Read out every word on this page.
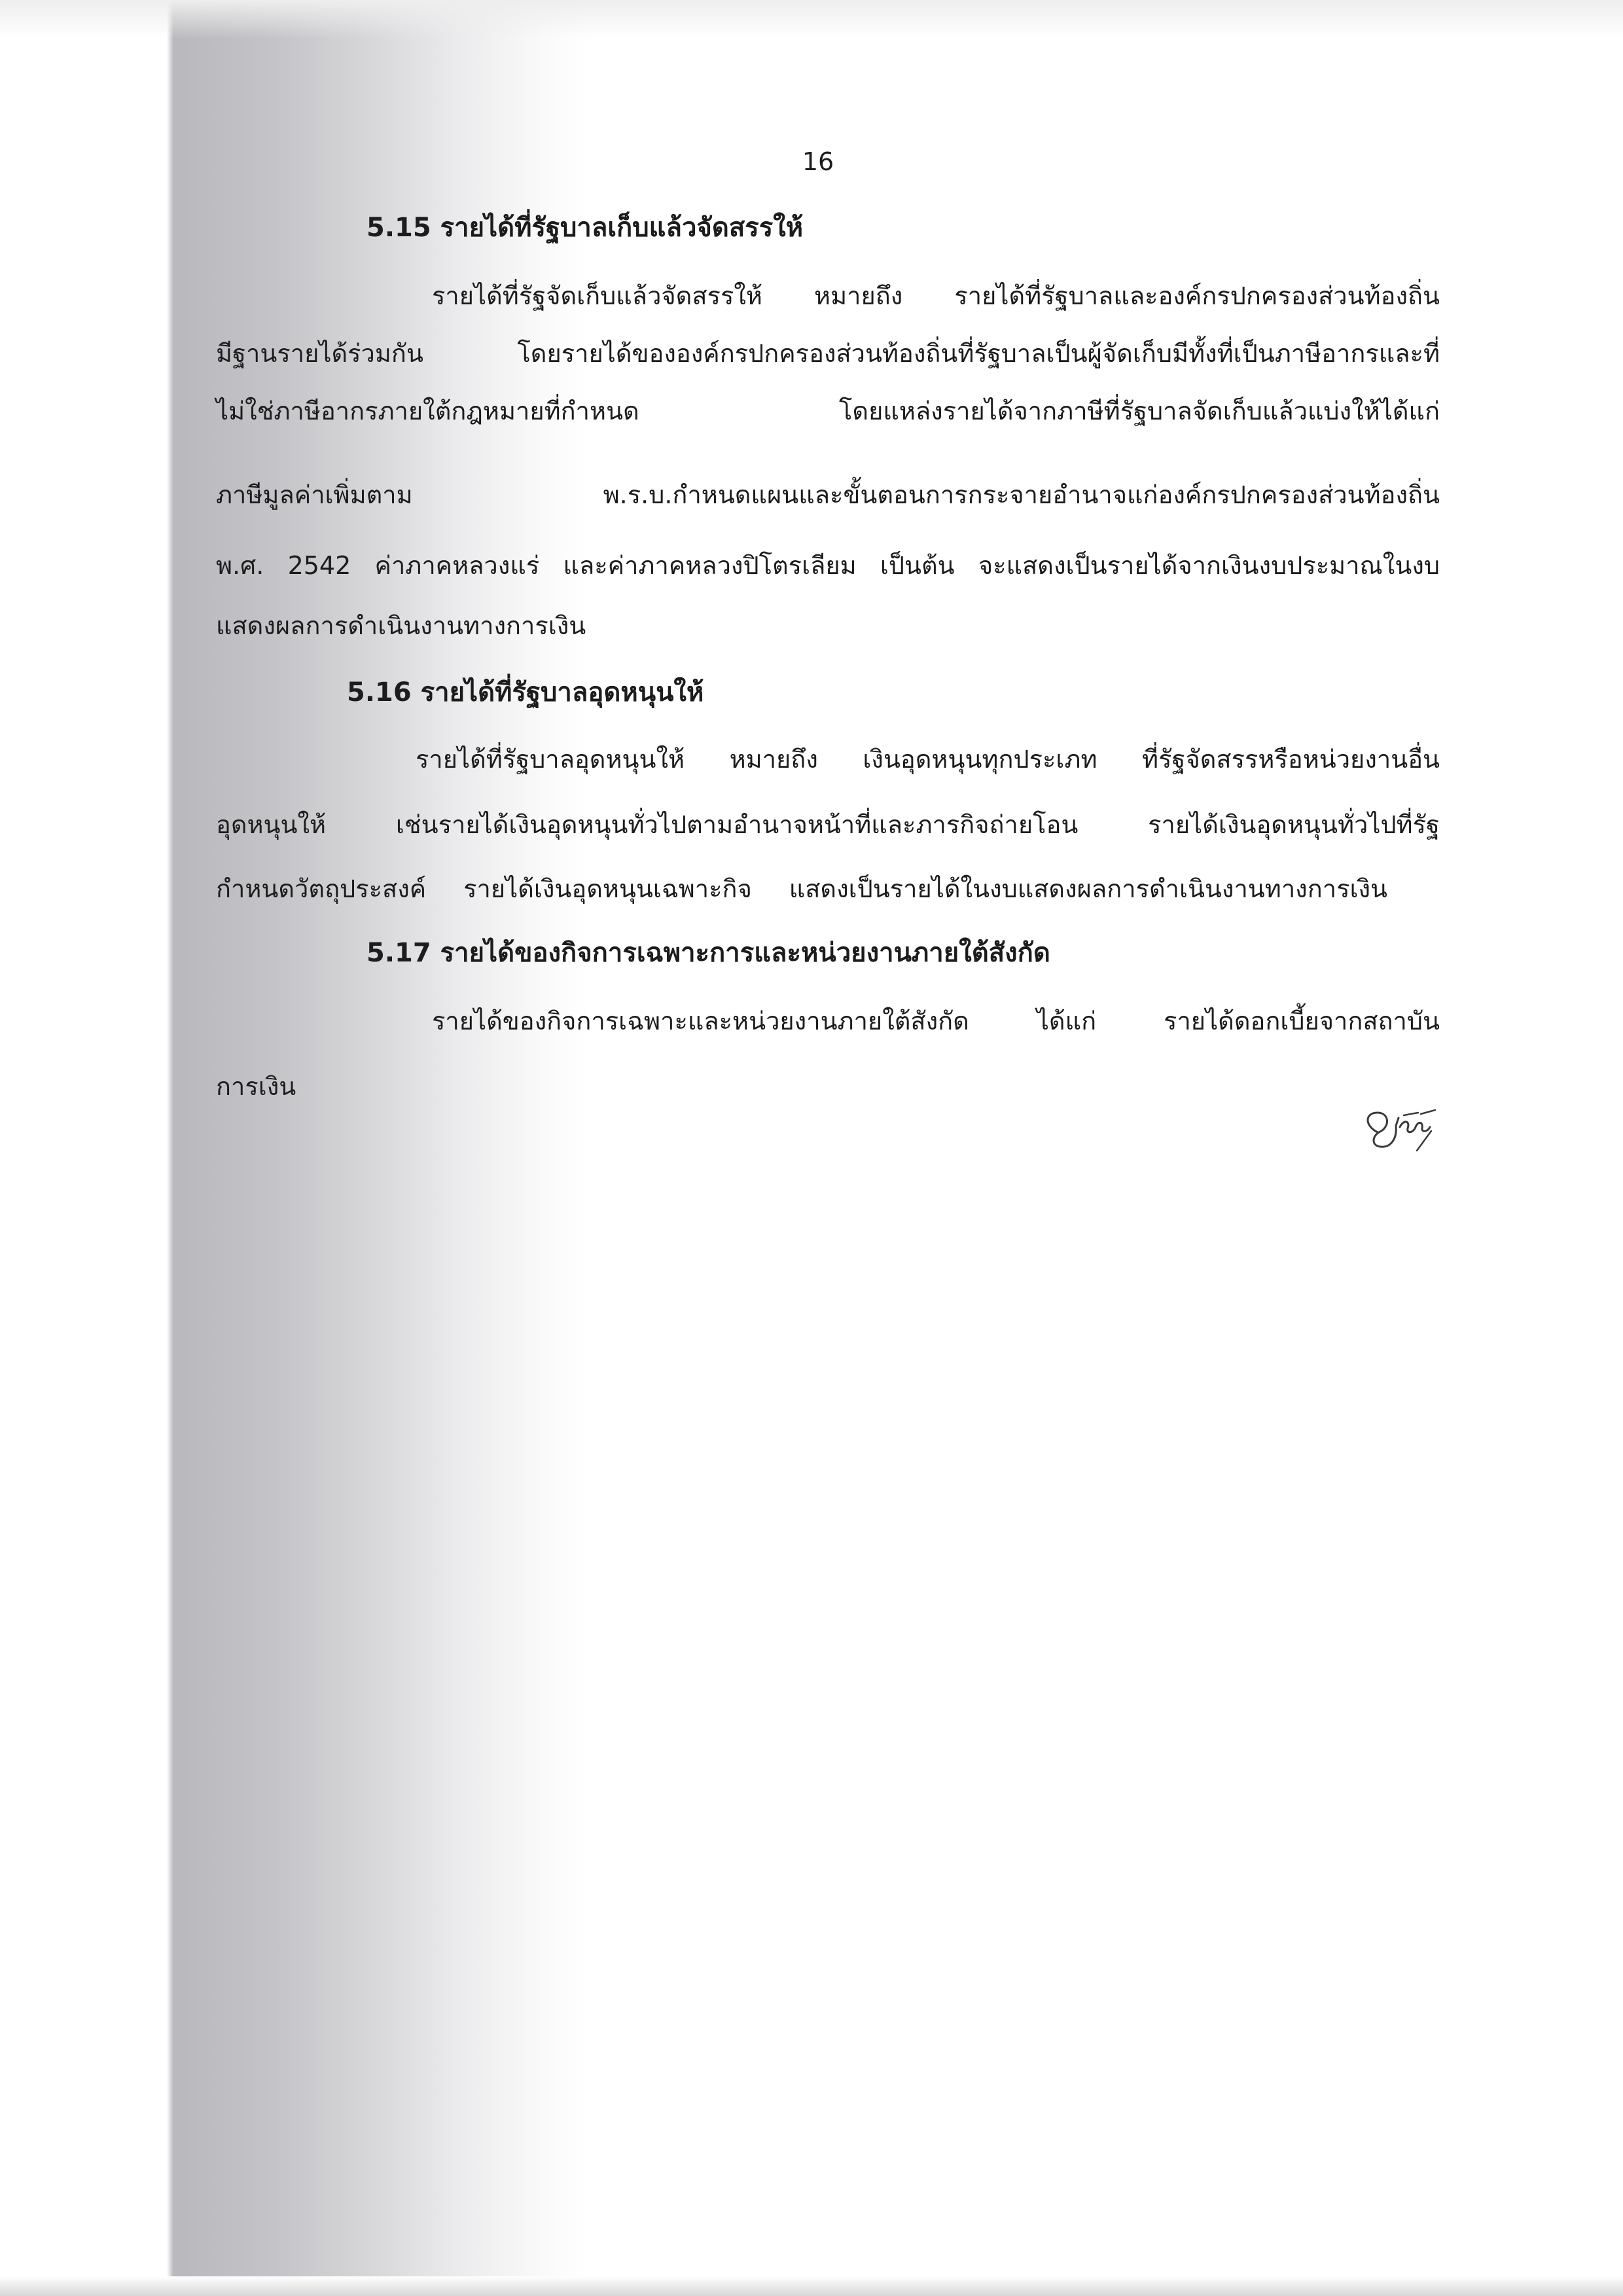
16
5.15 รายได้ที่รัฐบาลเก็บแล้วจัดสรรให้
รายได้ที่รัฐจัดเก็บแล้วจัดสรรให้ หมายถึง รายได้ที่รัฐบาลและองค์กรปกครองส่วนท้องถิ่น
มีฐานรายได้ร่วมกัน โดยรายได้ขององค์กรปกครองส่วนท้องถิ่นที่รัฐบาลเป็นผู้จัดเก็บมีทั้งที่เป็นภาษีอากรและที่
ไม่ใช่ภาษีอากรภายใต้กฎหมายที่กำหนด โดยแหล่งรายได้จากภาษีที่รัฐบาลจัดเก็บแล้วแบ่งให้ได้แก่
ภาษีมูลค่าเพิ่มตาม พ.ร.บ.กำหนดแผนและขั้นตอนการกระจายอำนาจแก่องค์กรปกครองส่วนท้องถิ่น
พ.ศ. 2542 ค่าภาคหลวงแร่ และค่าภาคหลวงปิโตรเลียม เป็นต้น จะแสดงเป็นรายได้จากเงินงบประมาณในงบ
แสดงผลการดำเนินงานทางการเงิน
5.16 รายได้ที่รัฐบาลอุดหนุนให้
รายได้ที่รัฐบาลอุดหนุนให้ หมายถึง เงินอุดหนุนทุกประเภท ที่รัฐจัดสรรหรือหน่วยงานอื่น
อุดหนุนให้ เช่นรายได้เงินอุดหนุนทั่วไปตามอำนาจหน้าที่และภารกิจถ่ายโอน รายได้เงินอุดหนุนทั่วไปที่รัฐ
กำหนดวัตถุประสงค์ รายได้เงินอุดหนุนเฉพาะกิจ แสดงเป็นรายได้ในงบแสดงผลการดำเนินงานทางการเงิน
5.17 รายได้ของกิจการเฉพาะการและหน่วยงานภายใต้สังกัด
รายได้ของกิจการเฉพาะและหน่วยงานภายใต้สังกัด ได้แก่ รายได้ดอกเบี้ยจากสถาบัน
การเงิน
